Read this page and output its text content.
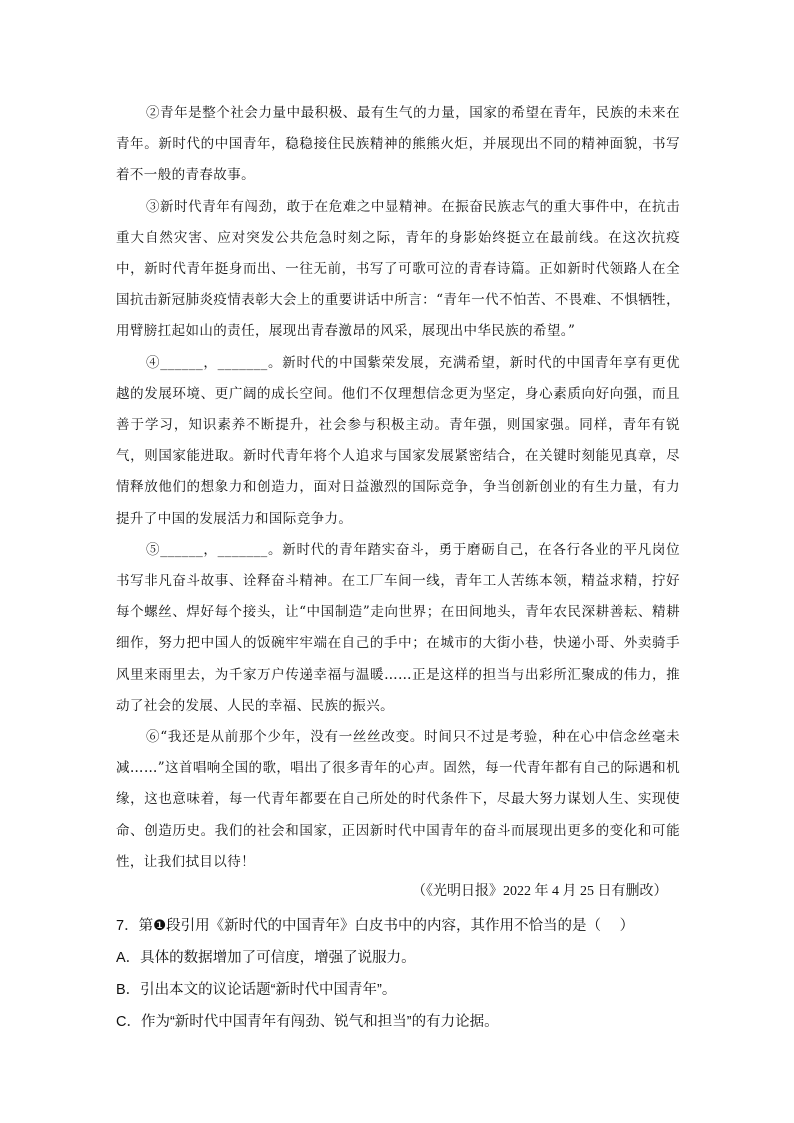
②青年是整个社会力量中最积极、最有生气的力量，国家的希望在青年，民族的未来在青年。新时代的中国青年，稳稳接住民族精神的熊熊火炬，并展现出不同的精神面貌，书写着不一般的青春故事。

③新时代青年有闯劲，敢于在危难之中显精神。在振奋民族志气的重大事件中，在抗击重大自然灾害、应对突发公共危急时刻之际，青年的身影始终挺立在最前线。在这次抗疫中，新时代青年挺身而出、一往无前，书写了可歌可泣的青春诗篇。正如新时代领路人在全国抗击新冠肺炎疫情表彰大会上的重要讲话中所言：“青年一代不怕苦、不畏难、不惧牺牲，用臂膀扛起如山的责任，展现出青春激昂的风采，展现出中华民族的希望。”

④______，_______。新时代的中国紫荣发展，充满希望，新时代的中国青年享有更优越的发展环境、更广阔的成长空间。他们不仅理想信念更为坚定，身心素质向好向强，而且善于学习，知识素养不断提升，社会参与积极主动。青年强，则国家强。同样，青年有锐气，则国家能进取。新时代青年将个人追求与国家发展紧密结合，在关键时刻能见真章，尽情释放他们的想象力和创造力，面对日益激烈的国际竞争，争当创新创业的有生力量，有力提升了中国的发展活力和国际竞争力。

⑤______，_______。新时代的青年踏实奋斗，勇于磨砺自己，在各行各业的平凡岗位书写非凡奋斗故事、诠释奋斗精神。在工厂车间一线，青年工人苦练本领，精益求精，拧好每个螺丝、焊好每个接头，让“中国制造”走向世界；在田间地头，青年农民深耕善耘、精耕细作，努力把中国人的饭碗牢牢端在自己的手中；在城市的大街小巷，快递小哥、外卖骑手风里来雨里去，为千家万户传递幸福与温暖……正是这样的担当与出彩所汇聚成的伟力，推动了社会的发展、人民的幸福、民族的振兴。

⑥“我还是从前那个少年，没有一丝丝改变。时间只不过是考验，种在心中信念丝毫未减……”这首唱响全国的歌，唱出了很多青年的心声。固然，每一代青年都有自己的际遇和机缘，这也意味着，每一代青年都要在自己所处的时代条件下，尽最大努力谋划人生、实现使命、创造历史。我们的社会和国家，正因新时代中国青年的奋斗而展现出更多的变化和可能性，让我们拭目以待！

（《光明日报》2022 年 4 月 25 日有删改）

7．第❶段引用《新时代的中国青年》白皮书中的内容，其作用不恰当的是（　 ）

A．具体的数据增加了可信度，增强了说服力。

B．引出本文的议论话题“新时代中国青年”。

C．作为“新时代中国青年有闯劲、锐气和担当”的有力论据。
